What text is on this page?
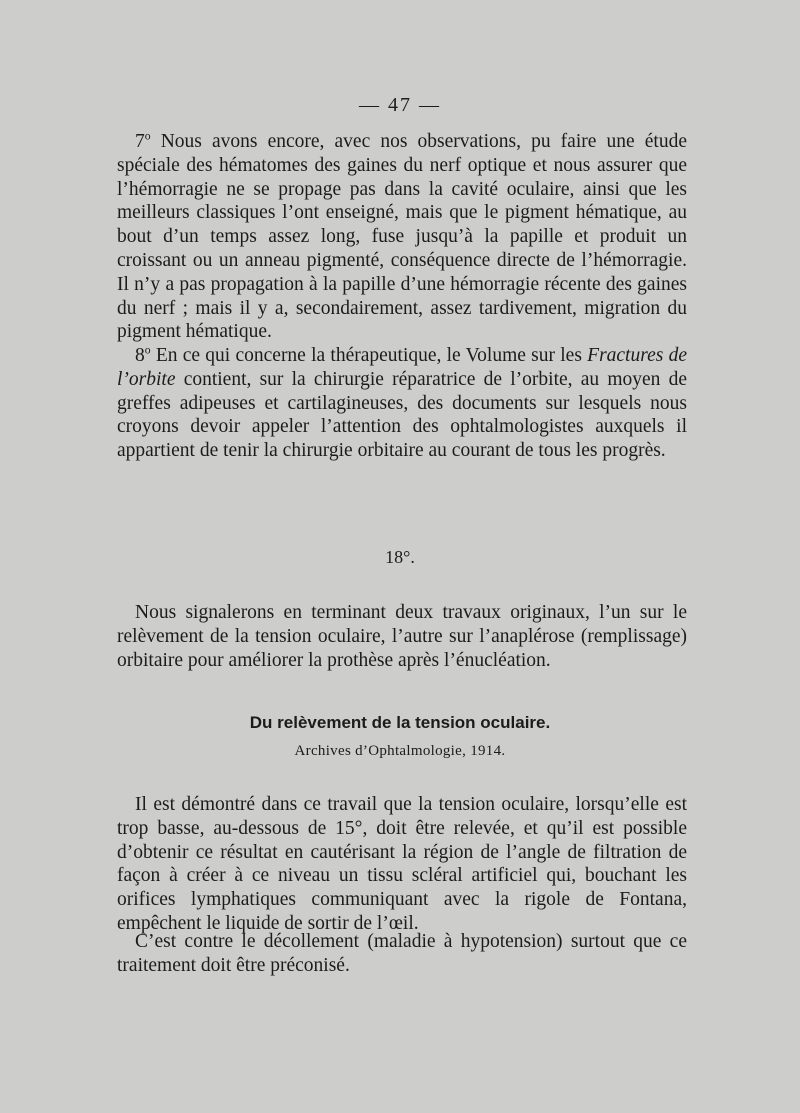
— 47 —

7$^o$ Nous avons encore, avec nos observations, pu faire une étude spéciale des hématomes des gaines du nerf optique et nous assurer que l’hémorragie ne se propage pas dans la cavité oculaire, ainsi que les meilleurs classiques l’ont enseigné, mais que le pigment hématique, au bout d’un temps assez long, fuse jusqu’à la papille et produit un croissant ou un anneau pigmenté, conséquence directe de l’hémorragie. Il n’y a pas propagation à la papille d’une hémorragie récente des gaines du nerf ; mais il y a, secondairement, assez tardivement, migration du pigment hématique.

8$^o$ En ce qui concerne la thérapeutique, le Volume sur les Fractures de l’orbite contient, sur la chirurgie réparatrice de l’orbite, au moyen de greffes adipeuses et cartilagineuses, des documents sur lesquels nous croyons devoir appeler l’attention des ophtalmologistes auxquels il appartient de tenir la chirurgie orbitaire au courant de tous les progrès.

18°.

Nous signalerons en terminant deux travaux originaux, l’un sur le relèvement de la tension oculaire, l’autre sur l’anaplérose (remplissage) orbitaire pour améliorer la prothèse après l’énucléation.

Du relèvement de la tension oculaire.
Archives d’Ophtalmologie, 1914.

Il est démontré dans ce travail que la tension oculaire, lorsqu’elle est trop basse, au-dessous de 15°, doit être relevée, et qu’il est possible d’obtenir ce résultat en cautérisant la région de l’angle de filtration de façon à créer à ce niveau un tissu scléral artificiel qui, bouchant les orifices lymphatiques communiquant avec la rigole de Fontana, empêchent le liquide de sortir de l’œil.

C’est contre le décollement (maladie à hypotension) surtout que ce traitement doit être préconisé.
